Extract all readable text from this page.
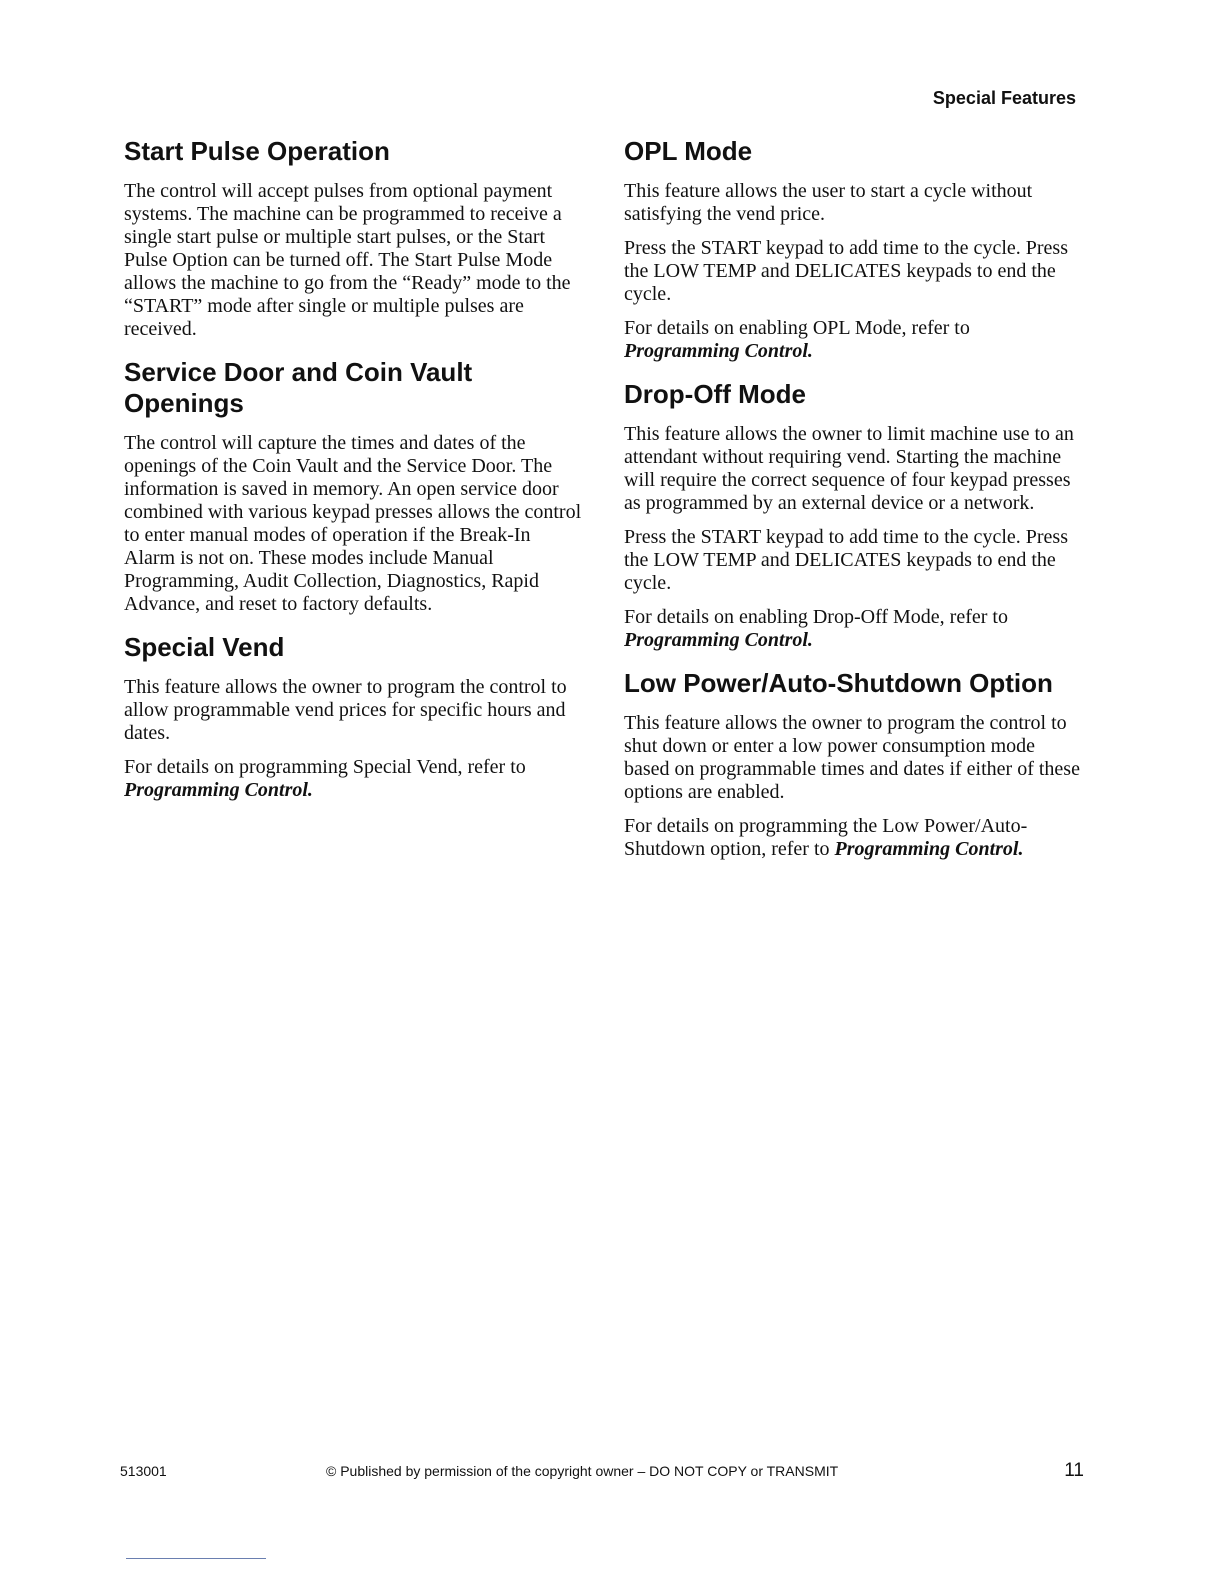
Special Features
Start Pulse Operation

The control will accept pulses from optional payment systems. The machine can be programmed to receive a single start pulse or multiple start pulses, or the Start Pulse Option can be turned off. The Start Pulse Mode allows the machine to go from the “Ready” mode to the “START” mode after single or multiple pulses are received.

Service Door and Coin Vault Openings

The control will capture the times and dates of the openings of the Coin Vault and the Service Door. The information is saved in memory. An open service door combined with various keypad presses allows the control to enter manual modes of operation if the Break-In Alarm is not on. These modes include Manual Programming, Audit Collection, Diagnostics, Rapid Advance, and reset to factory defaults.

Special Vend

This feature allows the owner to program the control to allow programmable vend prices for specific hours and dates.

For details on programming Special Vend, refer to
Programming Control.

OPL Mode

This feature allows the user to start a cycle without satisfying the vend price.

Press the START keypad to add time to the cycle. Press the LOW TEMP and DELICATES keypads to end the cycle.

For details on enabling OPL Mode, refer to
Programming Control.

Drop-Off Mode

This feature allows the owner to limit machine use to an attendant without requiring vend. Starting the machine will require the correct sequence of four keypad presses as programmed by an external device or a network.

Press the START keypad to add time to the cycle. Press the LOW TEMP and DELICATES keypads to end the cycle.

For details on enabling Drop-Off Mode, refer to
Programming Control.

Low Power/Auto-Shutdown Option

This feature allows the owner to program the control to shut down or enter a low power consumption mode based on programmable times and dates if either of these options are enabled.

For details on programming the Low Power/Auto-Shutdown option, refer to Programming Control.

513001	© Published by permission of the copyright owner – DO NOT COPY or TRANSMIT	11
